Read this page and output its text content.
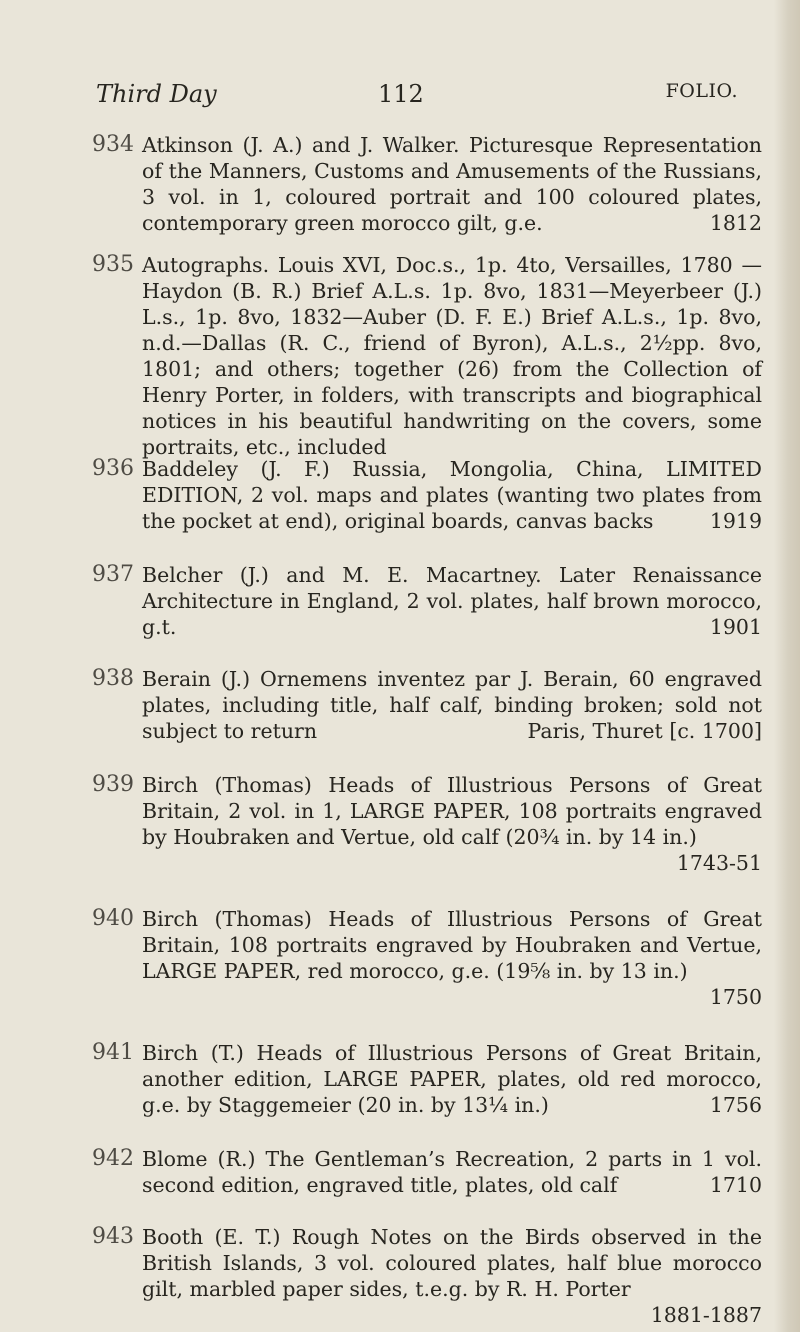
Third Day	112	FOLIO.
934 Atkinson (J. A.) and J. Walker. Picturesque Representation of the Manners, Customs and Amusements of the Russians, 3 vol. in 1, coloured portrait and 100 coloured plates, contemporary green morocco gilt, g.e.	1812
935 Autographs. Louis XVI, Doc.s., 1p. 4to, Versailles, 1780 —Haydon (B. R.) Brief A.L.s. 1p. 8vo, 1831—Meyerbeer (J.) L.s., 1p. 8vo, 1832—Auber (D. F. E.) Brief A.L.s., 1p. 8vo, n.d.—Dallas (R. C., friend of Byron), A.L.s., 2½pp. 8vo, 1801; and others; together (26) from the Collection of Henry Porter, in folders, with transcripts and biographical notices in his beautiful handwriting on the covers, some portraits, etc., included
936 Baddeley (J. F.) Russia, Mongolia, China, LIMITED EDITION, 2 vol. maps and plates (wanting two plates from the pocket at end), original boards, canvas backs	1919
937 Belcher (J.) and M. E. Macartney. Later Renaissance Architecture in England, 2 vol. plates, half brown morocco, g.t.	1901
938 Berain (J.) Ornemens inventez par J. Berain, 60 engraved plates, including title, half calf, binding broken; sold not subject to return	Paris, Thuret [c. 1700]
939 Birch (Thomas) Heads of Illustrious Persons of Great Britain, 2 vol. in 1, LARGE PAPER, 108 portraits engraved by Houbraken and Vertue, old calf (20¾ in. by 14 in.)
1743-51
940 Birch (Thomas) Heads of Illustrious Persons of Great Britain, 108 portraits engraved by Houbraken and Vertue, LARGE PAPER, red morocco, g.e. (19⅝ in. by 13 in.)
1750
941 Birch (T.) Heads of Illustrious Persons of Great Britain, another edition, LARGE PAPER, plates, old red morocco, g.e. by Staggemeier (20 in. by 13¼ in.)	1756
942 Blome (R.) The Gentleman’s Recreation, 2 parts in 1 vol. second edition, engraved title, plates, old calf	1710
943 Booth (E. T.) Rough Notes on the Birds observed in the British Islands, 3 vol. coloured plates, half blue morocco gilt, marbled paper sides, t.e.g. by R. H. Porter
1881-1887
